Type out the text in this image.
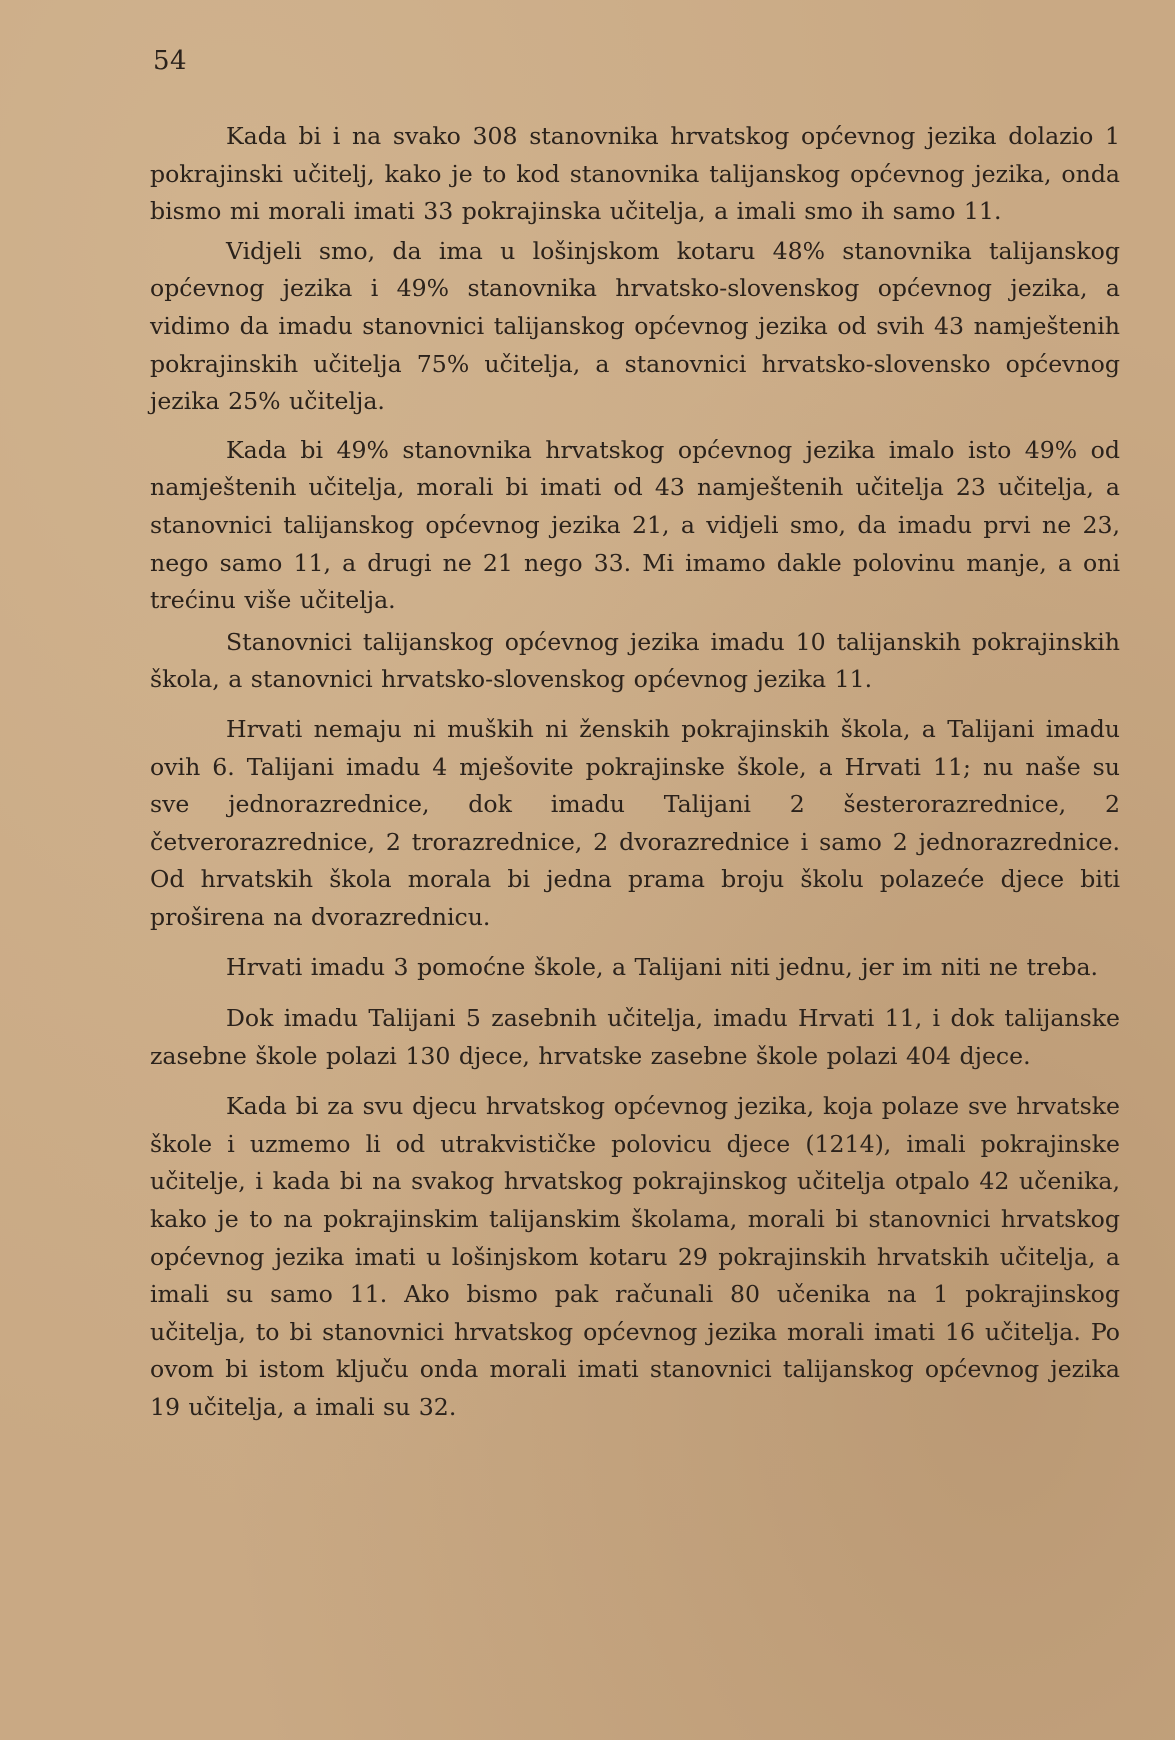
54

Kada bi i na svako 308 stanovnika hrvatskog općevnog jezika dolazio 1 pokrajinski učitelj, kako je to kod stanovnika talijanskog općevnog jezika, onda bismo mi morali imati 33 pokrajinska učitelja, a imali smo ih samo 11.

Vidjeli smo, da ima u lošinjskom kotaru 48% stanovnika talijanskog općevnog jezika i 49% stanovnika hrvatsko-slovenskog općevnog jezika, a vidimo da imadu stanovnici talijanskog općevnog jezika od svih 43 namještenih pokrajinskih učitelja 75% učitelja, a stanovnici hrvatsko-slovensko općevnog jezika 25% učitelja.

Kada bi 49% stanovnika hrvatskog općevnog jezika imalo isto 49% od namještenih učitelja, morali bi imati od 43 namještenih učitelja 23 učitelja, a stanovnici talijanskog općevnog jezika 21, a vidjeli smo, da imadu prvi ne 23, nego samo 11, a drugi ne 21 nego 33. Mi imamo dakle polovinu manje, a oni trećinu više učitelja.

Stanovnici talijanskog općevnog jezika imadu 10 talijanskih pokrajinskih škola, a stanovnici hrvatsko-slovenskog općevnog jezika 11.

Hrvati nemaju ni muških ni ženskih pokrajinskih škola, a Talijani imadu ovih 6. Talijani imadu 4 mješovite pokrajinske škole, a Hrvati 11; nu naše su sve jednorazrednice, dok imadu Talijani 2 šesterorazrednice, 2 četverorazrednice, 2 trorazrednice, 2 dvorazrednice i samo 2 jednorazrednice. Od hrvatskih škola morala bi jedna prama broju školu polazeće djece biti proširena na dvorazrednicu.

Hrvati imadu 3 pomoćne škole, a Talijani niti jednu, jer im niti ne treba.

Dok imadu Talijani 5 zasebnih učitelja, imadu Hrvati 11, i dok talijanske zasebne škole polazi 130 djece, hrvatske zasebne škole polazi 404 djece.

Kada bi za svu djecu hrvatskog općevnog jezika, koja polaze sve hrvatske škole i uzmemo li od utrakvističke polovicu djece (1214), imali pokrajinske učitelje, i kada bi na svakog hrvatskog pokrajinskog učitelja otpalo 42 učenika, kako je to na pokrajinskim talijanskim školama, morali bi stanovnici hrvatskog općevnog jezika imati u lošinjskom kotaru 29 pokrajinskih hrvatskih učitelja, a imali su samo 11. Ako bismo pak računali 80 učenika na 1 pokrajinskog učitelja, to bi stanovnici hrvatskog općevnog jezika morali imati 16 učitelja. Po ovom bi istom ključu onda morali imati stanovnici talijanskog općevnog jezika 19 učitelja, a imali su 32.
